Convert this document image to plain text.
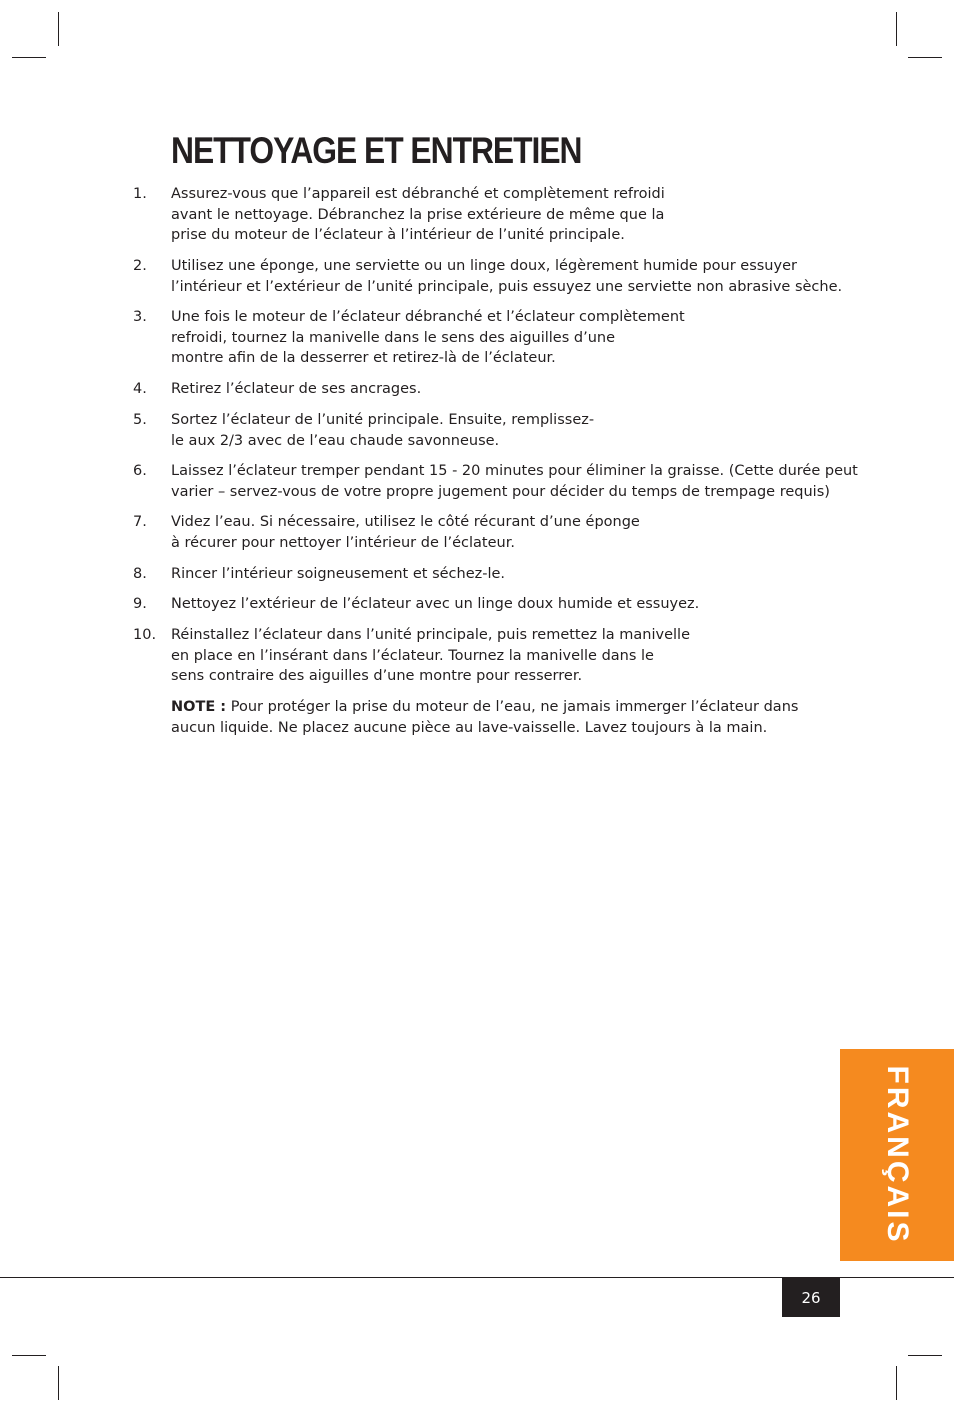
NETTOYAGE ET ENTRETIEN
1. Assurez-vous que l’appareil est débranché et complètement refroidi
avant le nettoyage. Débranchez la prise extérieure de même que la
prise du moteur de l’éclateur à l’intérieur de l’unité principale.
2. Utilisez une éponge, une serviette ou un linge doux, légèrement humide pour essuyer
l’intérieur et l’extérieur de l’unité principale, puis essuyez une serviette non abrasive sèche.
3. Une fois le moteur de l’éclateur débranché et l’éclateur complètement
refroidi, tournez la manivelle dans le sens des aiguilles d’une
montre afin de la desserrer et retirez-là de l’éclateur.
4. Retirez l’éclateur de ses ancrages.
5. Sortez l’éclateur de l’unité principale. Ensuite, remplissez-
le aux 2/3 avec de l’eau chaude savonneuse.
6. Laissez l’éclateur tremper pendant 15 - 20 minutes pour éliminer la graisse. (Cette durée peut
varier – servez-vous de votre propre jugement pour décider du temps de trempage requis)
7. Videz l’eau. Si nécessaire, utilisez le côté récurant d’une éponge
à récurer pour nettoyer l’intérieur de l’éclateur.
8. Rincer l’intérieur soigneusement et séchez-le.
9. Nettoyez l’extérieur de l’éclateur avec un linge doux humide et essuyez.
10. Réinstallez l’éclateur dans l’unité principale, puis remettez la manivelle
en place en l’insérant dans l’éclateur. Tournez la manivelle dans le
sens contraire des aiguilles d’une montre pour resserrer.
NOTE : Pour protéger la prise du moteur de l’eau, ne jamais immerger l’éclateur dans
aucun liquide. Ne placez aucune pièce au lave-vaisselle. Lavez toujours à la main.
FRANÇAIS
26
